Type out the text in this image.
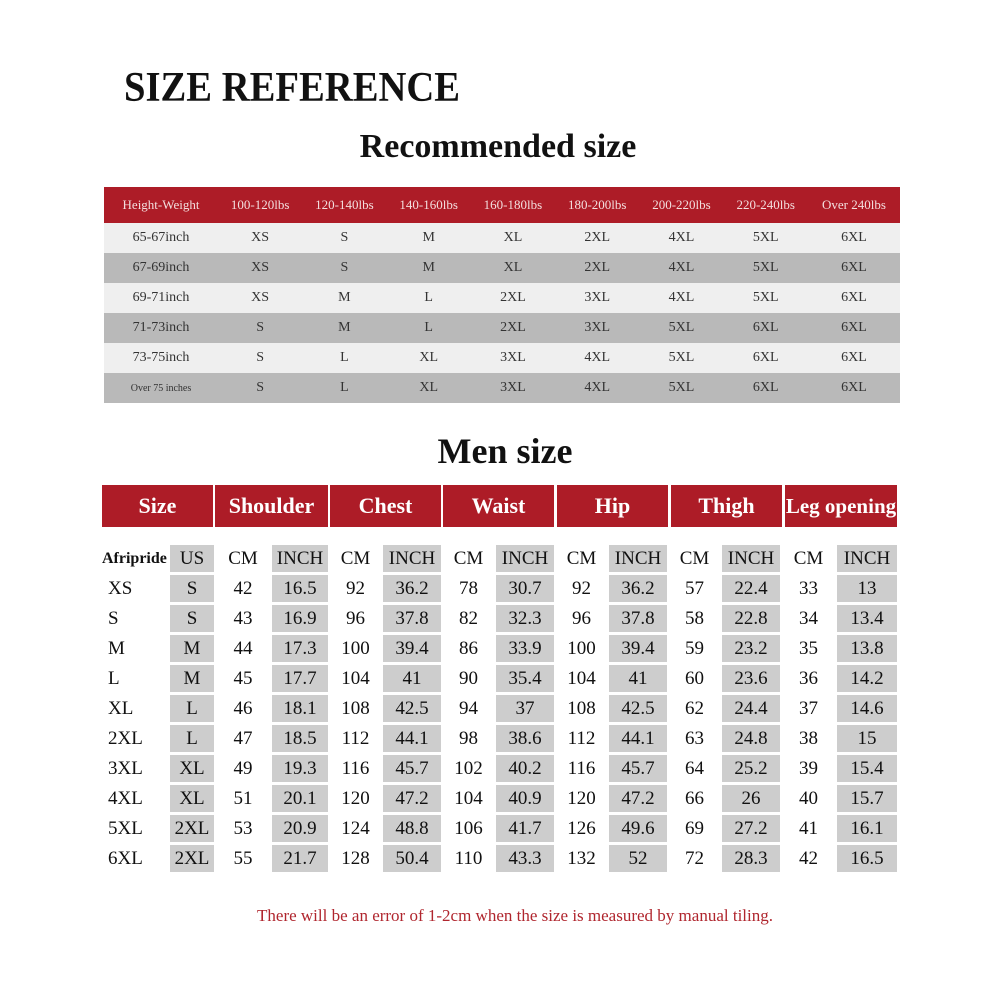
SIZE REFERENCE
Recommended size
Height-Weight	100-120lbs	120-140lbs	140-160lbs	160-180lbs	180-200lbs	200-220lbs	220-240lbs	Over 240lbs
65-67inch	XS	S	M	XL	2XL	4XL	5XL	6XL
67-69inch	XS	S	M	XL	2XL	4XL	5XL	6XL
69-71inch	XS	M	L	2XL	3XL	4XL	5XL	6XL
71-73inch	S	M	L	2XL	3XL	5XL	6XL	6XL
73-75inch	S	L	XL	3XL	4XL	5XL	6XL	6XL
Over 75 inches	S	L	XL	3XL	4XL	5XL	6XL	6XL
Men size
Size	Shoulder	Chest	Waist	Hip	Thigh	Leg opening
Afripride	US	CM	INCH	CM	INCH	CM	INCH	CM	INCH	CM	INCH	CM	INCH
XS	S	42	16.5	92	36.2	78	30.7	92	36.2	57	22.4	33	13
S	S	43	16.9	96	37.8	82	32.3	96	37.8	58	22.8	34	13.4
M	M	44	17.3	100	39.4	86	33.9	100	39.4	59	23.2	35	13.8
L	M	45	17.7	104	41	90	35.4	104	41	60	23.6	36	14.2
XL	L	46	18.1	108	42.5	94	37	108	42.5	62	24.4	37	14.6
2XL	L	47	18.5	112	44.1	98	38.6	112	44.1	63	24.8	38	15
3XL	XL	49	19.3	116	45.7	102	40.2	116	45.7	64	25.2	39	15.4
4XL	XL	51	20.1	120	47.2	104	40.9	120	47.2	66	26	40	15.7
5XL	2XL	53	20.9	124	48.8	106	41.7	126	49.6	69	27.2	41	16.1
6XL	2XL	55	21.7	128	50.4	110	43.3	132	52	72	28.3	42	16.5
There will be an error of 1-2cm when the size is measured by manual tiling.
